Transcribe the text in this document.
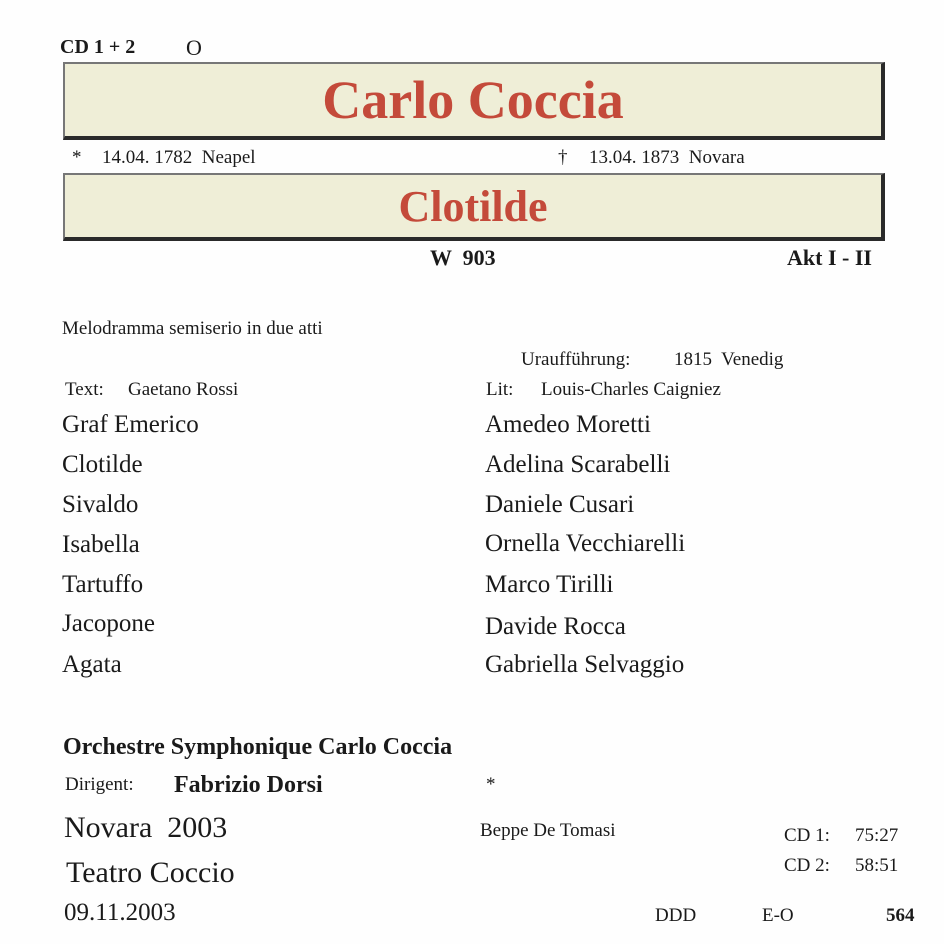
CD 1 + 2 O
Carlo Coccia
* 14.04. 1782  Neapel	† 13.04. 1873  Novara
Clotilde
W  903	Akt I - II
Melodramma semiserio in due atti
Uraufführung: 1815  Venedig
Text: Gaetano Rossi	Lit: Louis-Charles Caigniez
Graf Emerico	Amedeo Moretti
Clotilde	Adelina Scarabelli
Sivaldo	Daniele Cusari
Isabella	Ornella Vecchiarelli
Tartuffo	Marco Tirilli
Jacopone	Davide Rocca
Agata	Gabriella Selvaggio
Orchestre Symphonique Carlo Coccia
Dirigent: Fabrizio Dorsi	*
Novara  2003	Beppe De Tomasi	CD 1: 75:27
Teatro Coccio	CD 2: 58:51
09.11.2003	DDD	E-O	564
